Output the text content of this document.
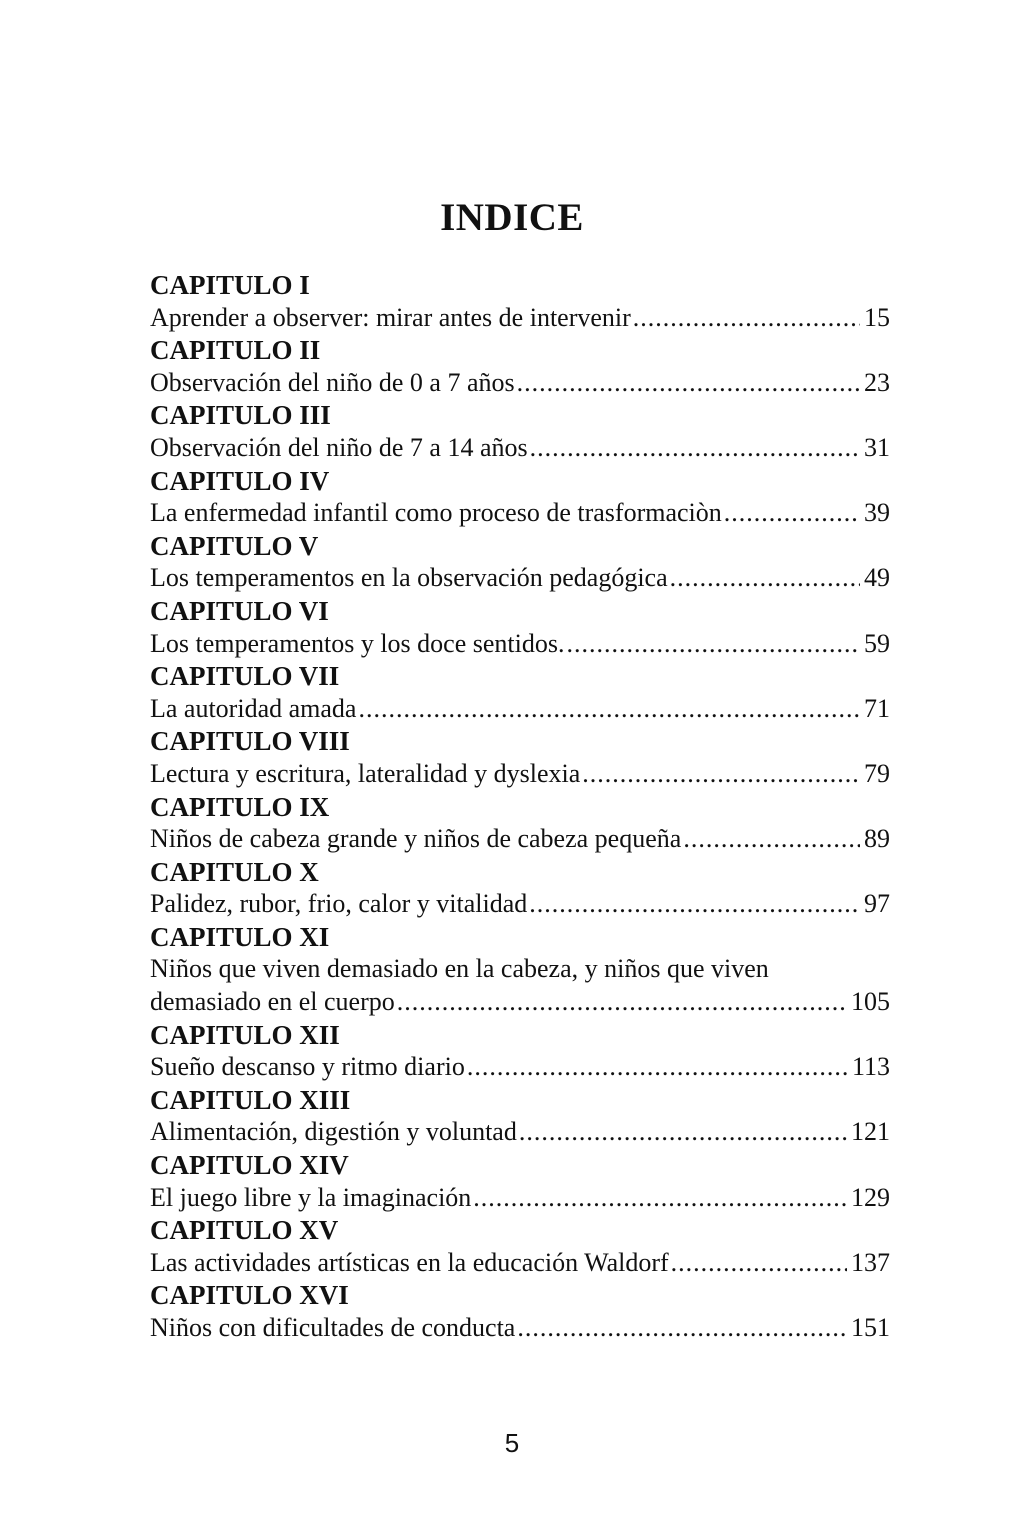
INDICE
CAPITULO I
Aprender a observer: mirar antes de intervenir .....	15
CAPITULO II
Observación del niño de 0 a 7 años .....	23
CAPITULO III
Observación del niño de 7 a 14 años .....	31
CAPITULO IV
La enfermedad infantil como proceso de trasformaciòn .....	39
CAPITULO V
Los temperamentos en la observación pedagógica .....	49
CAPITULO VI
Los temperamentos y los doce sentidos. .....	59
CAPITULO VII
La autoridad amada .....	71
CAPITULO VIII
Lectura y escritura, lateralidad y dyslexia .....	79
CAPITULO IX
Niños de cabeza grande y niños de cabeza pequeña .....	89
CAPITULO X
Palidez, rubor, frio, calor y vitalidad .....	97
CAPITULO XI
Niños que viven demasiado en la cabeza, y niños que viven
demasiado en el cuerpo .....	105
CAPITULO XII
Sueño descanso y ritmo diario .....	113
CAPITULO XIII
Alimentación, digestión y voluntad .....	121
CAPITULO XIV
El juego libre y la imaginación .....	129
CAPITULO XV
Las actividades artísticas en la educación Waldorf .....	137
CAPITULO XVI
Niños con dificultades de conducta .....	151
5
